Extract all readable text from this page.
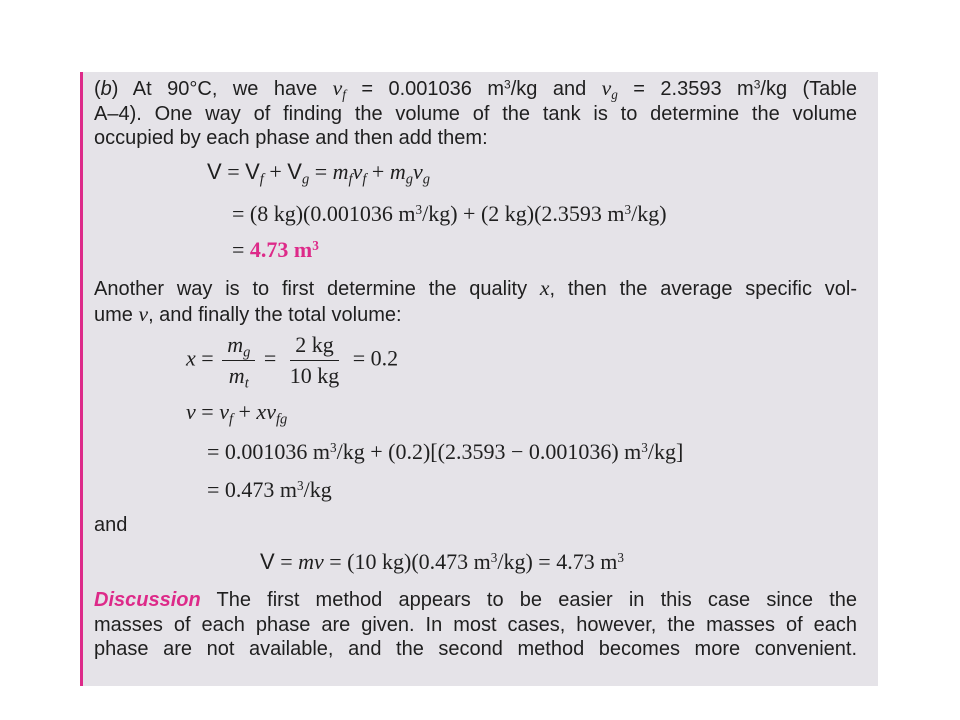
(b) At 90°C, we have $v_f = 0.001036$ $m^3/kg$ and $v_g = 2.3593$ $m^3/kg$ (Table
A–4). One way of finding the volume of the tank is to determine the volume
occupied by each phase and then add them:
$V = V_f + V_g = m_fv_f + m_gv_g$
= (8 kg)(0.001036 $m^3/kg) + (2$ kg)(2.3593 $m^3/kg$)
= 4.73 $m^3$
Another way is to first determine the quality x, then the average specific vol-
ume v, and finally the total volume:
$x = \frac{m_g}{m_t} = \frac{2 kg}{10 kg} = 0.2$
$v = v_f + xv_{fg}$
= 0.001036 $m^3/kg + (0.2)[(2.3593 - 0.001036)$ $m^3/kg$]
= 0.473 $m^3/kg$
and
V = mv = (10 kg)(0.473 $m^3/kg) = 4.73$ $m^3$
Discussion The first method appears to be easier in this case since the
masses of each phase are given. In most cases, however, the masses of each
phase are not available, and the second method becomes more convenient.
